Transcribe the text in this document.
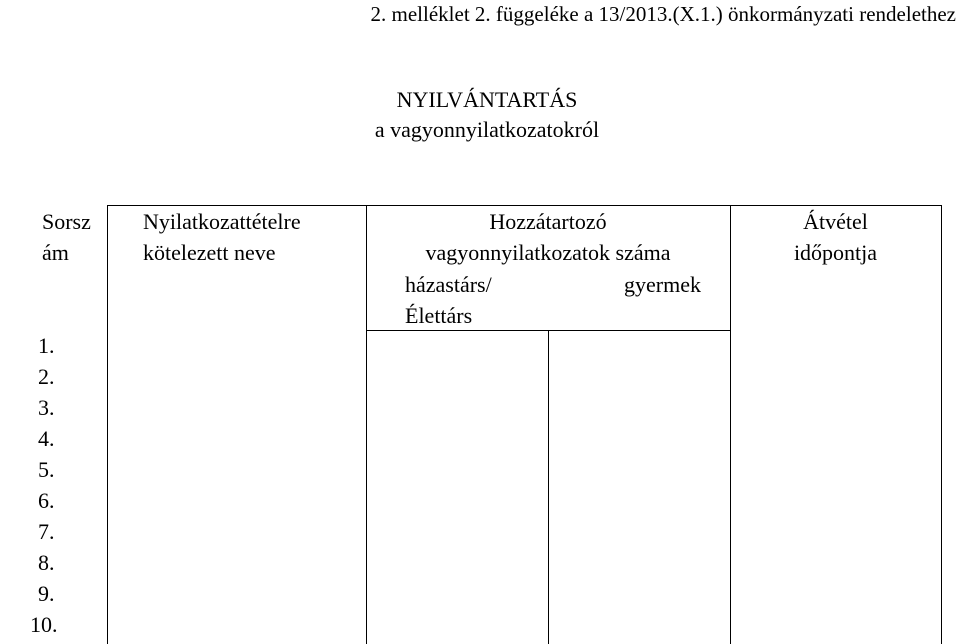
2. melléklet 2. függeléke a 13/2013.(X.1.) önkormányzati rendelethez
NYILVÁNTARTÁS
a vagyonnyilatkozatokról
Sorsz
ám
Nyilatkozattételre
kötelezett neve
Hozzátartozó
vagyonnyilatkozatok száma
házastárs/
Élettárs
gyermek
Átvétel
időpontja
1.
2.
3.
4.
5.
6.
7.
8.
9.
10.
